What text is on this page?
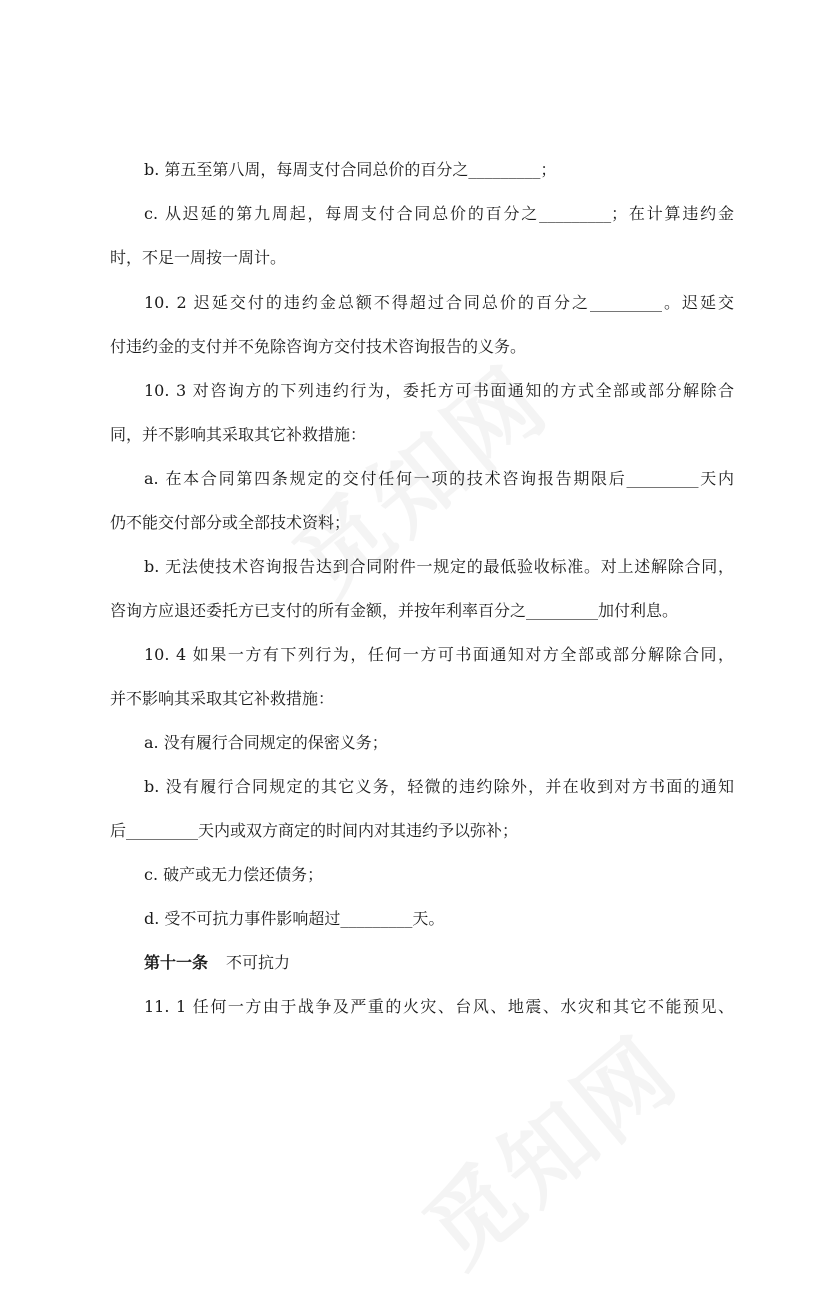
b. 第五至第八周，每周支付合同总价的百分之_________；
c. 从迟延的第九周起，每周支付合同总价的百分之_________；在计算违约金
时，不足一周按一周计。
10. 2 迟延交付的违约金总额不得超过合同总价的百分之_________。迟延交
付违约金的支付并不免除咨询方交付技术咨询报告的义务。
10. 3 对咨询方的下列违约行为，委托方可书面通知的方式全部或部分解除合
同，并不影响其采取其它补救措施：
a. 在本合同第四条规定的交付任何一项的技术咨询报告期限后_________天内
仍不能交付部分或全部技术资料；
b. 无法使技术咨询报告达到合同附件一规定的最低验收标准。对上述解除合同，
咨询方应退还委托方已支付的所有金额，并按年利率百分之_________加付利息。
10. 4 如果一方有下列行为，任何一方可书面通知对方全部或部分解除合同，
并不影响其采取其它补救措施：
a. 没有履行合同规定的保密义务；
b. 没有履行合同规定的其它义务，轻微的违约除外，并在收到对方书面的通知
后_________天内或双方商定的时间内对其违约予以弥补；
c. 破产或无力偿还债务；
d. 受不可抗力事件影响超过_________天。
第十一条 不可抗力
11. 1 任何一方由于战争及严重的火灾、台风、地震、水灾和其它不能预见、
